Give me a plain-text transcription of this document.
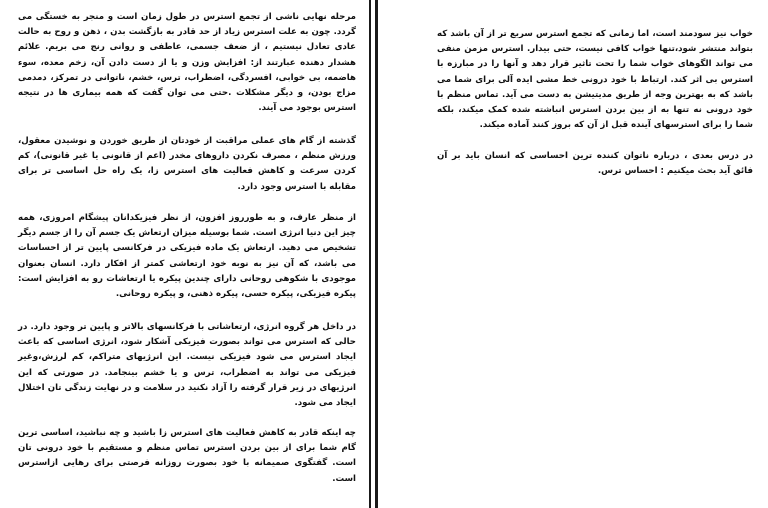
مرحله نهایی ناشی از تجمع استرس در طول زمان است و منجر به خستگی می گردد. چون به علت استرس زیاد از حد قادر به بازگشت بدن ، ذهن و روح به حالت عادی تعادل نیستیم ، از ضعف جسمی، عاطفی و روانی رنج می بریم. علائم هشدار دهنده عبارتند از: افزایش وزن و یا از دست دادن آن، زخم معده، سوء هاضمه، بی خوابی، افسردگی، اضطراب، ترس، خشم، ناتوانی در تمرکز، دمدمی مزاج بودن، و دیگر مشکلات .حتی می توان گفت که همه بیماری ها در نتیجه استرس بوجود می آیند.

گذشته از گام های عملی مراقبت از خودتان از طریق خوردن و نوشیدن معقول، ورزش منظم ، مصرف نکردن داروهای مخدر (اعم از قانونی یا غیر قانونی)، کم کردن سرعت و کاهش فعالیت های استرس زا، یک راه حل اساسی تر برای مقابله با استرس وجود دارد.

از منظر عارف، و به طورروز افزون، از نظر فیزیکدانان پیشگام امروزی، همه چیز این دنیا انرژی است. شما بوسیله میزان ارتعاش یک جسم آن را از جسم دیگر تشخیص می دهید. ارتعاش یک ماده فیزیکی در فرکانسی پایین تر از احساسات می باشد، که آن نیز به نوبه خود ارتعاشی کمتر از افکار دارد. انسان بعنوان موجودی با شکوهی روحانی دارای چندین پیکره یا ارتعاشات رو به افزایش است: پیکره فیزیکی، پیکره حسی، پیکره ذهنی، و پیکره روحانی.

در داخل هر گروه انرژی، ارتعاشاتی با فرکانسهای بالاتر و پایین تر وجود دارد. در حالی که استرس می تواند بصورت فیزیکی آشکار شود، انرژی اساسی که باعث ایجاد استرس می شود فیزیکی نیست. این انرژیهای متراکم، کم لرزش،وغیر فیزیکی می تواند به اضطراب، ترس و یا خشم بینجامد. در صورتی که این انرژیهای در زیر قرار گرفته را آزاد نکنید در سلامت و در نهایت زندگی تان اختلال ایجاد می شود.

چه اینکه قادر به کاهش فعالیت های استرس زا باشید و چه نباشید، اساسی ترین گام شما برای از بین بردن استرس تماس منظم و مستقیم با خود درونی تان است. گفتگوی صمیمانه با خود بصورت روزانه فرصتی برای رهایی ازاسترس است.

خواب نیز سودمند است، اما زمانی که تجمع استرس سریع تر از آن باشد که بتواند منتشر شود،تنها خواب کافی نیست، حتی بیدار. استرس مزمن منفی می تواند الگوهای خواب شما را تحت تاثیر قرار دهد و آنها را در مبارزه با استرس بی اثر کند. ارتباط با خود درونی خط مشی ایده آلی برای شما می باشد که به بهترین وجه از طریق مدیتیشن به دست می آید. تماس منظم با خود درونی نه تنها به از بین بردن استرس انباشته شده کمک میکند، بلکه شما را برای استرسهای آینده قبل از آن که بروز کنند آماده میکند.

در درس بعدی ، درباره ناتوان کننده ترین احساسی که انسان باید بر آن فائق آید بحث میکنیم : احساس ترس.
